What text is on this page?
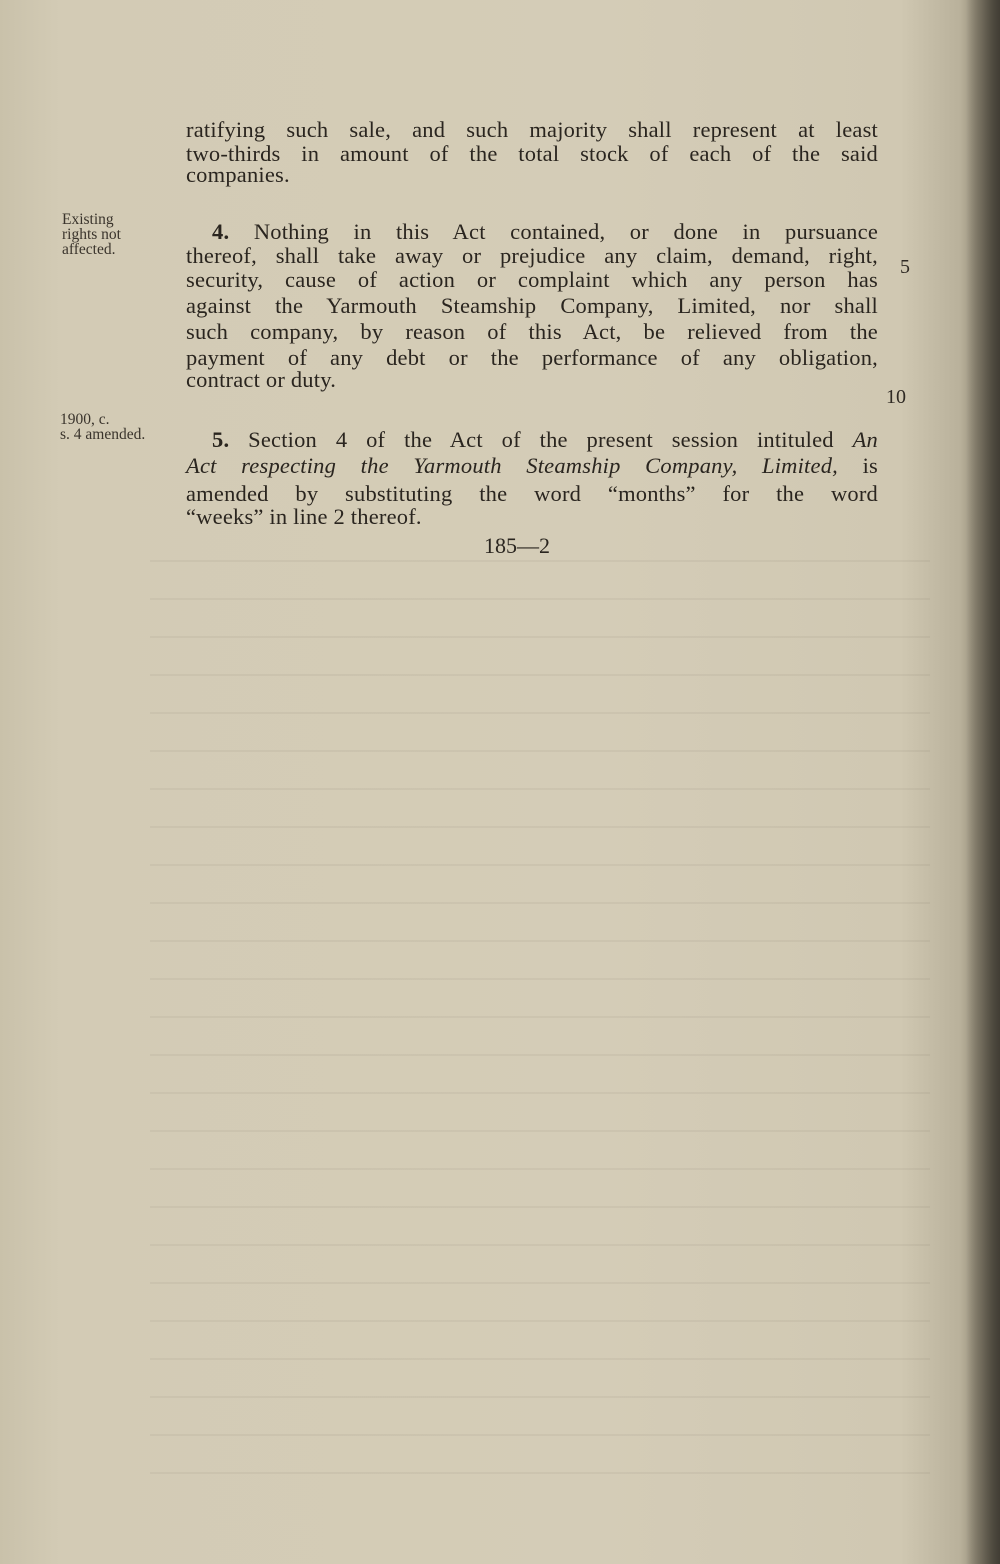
ratifying such sale, and such majority shall represent at least
two-thirds in amount of the total stock of each of the said
companies.
Existing
rights not
affected.
4. Nothing in this Act contained, or done in pursuance
thereof, shall take away or prejudice any claim, demand, right,
security, cause of action or complaint which any person has
against the Yarmouth Steamship Company, Limited, nor shall
such company, by reason of this Act, be relieved from the
payment of any debt or the performance of any obligation,
contract or duty.
5
10
1900, c.
s. 4 amended.	5. Section 4 of the Act of the present session intituled An
Act respecting the Yarmouth Steamship Company, Limited, is
amended by substituting the word “months” for the word
“weeks” in line 2 thereof.
185—2
